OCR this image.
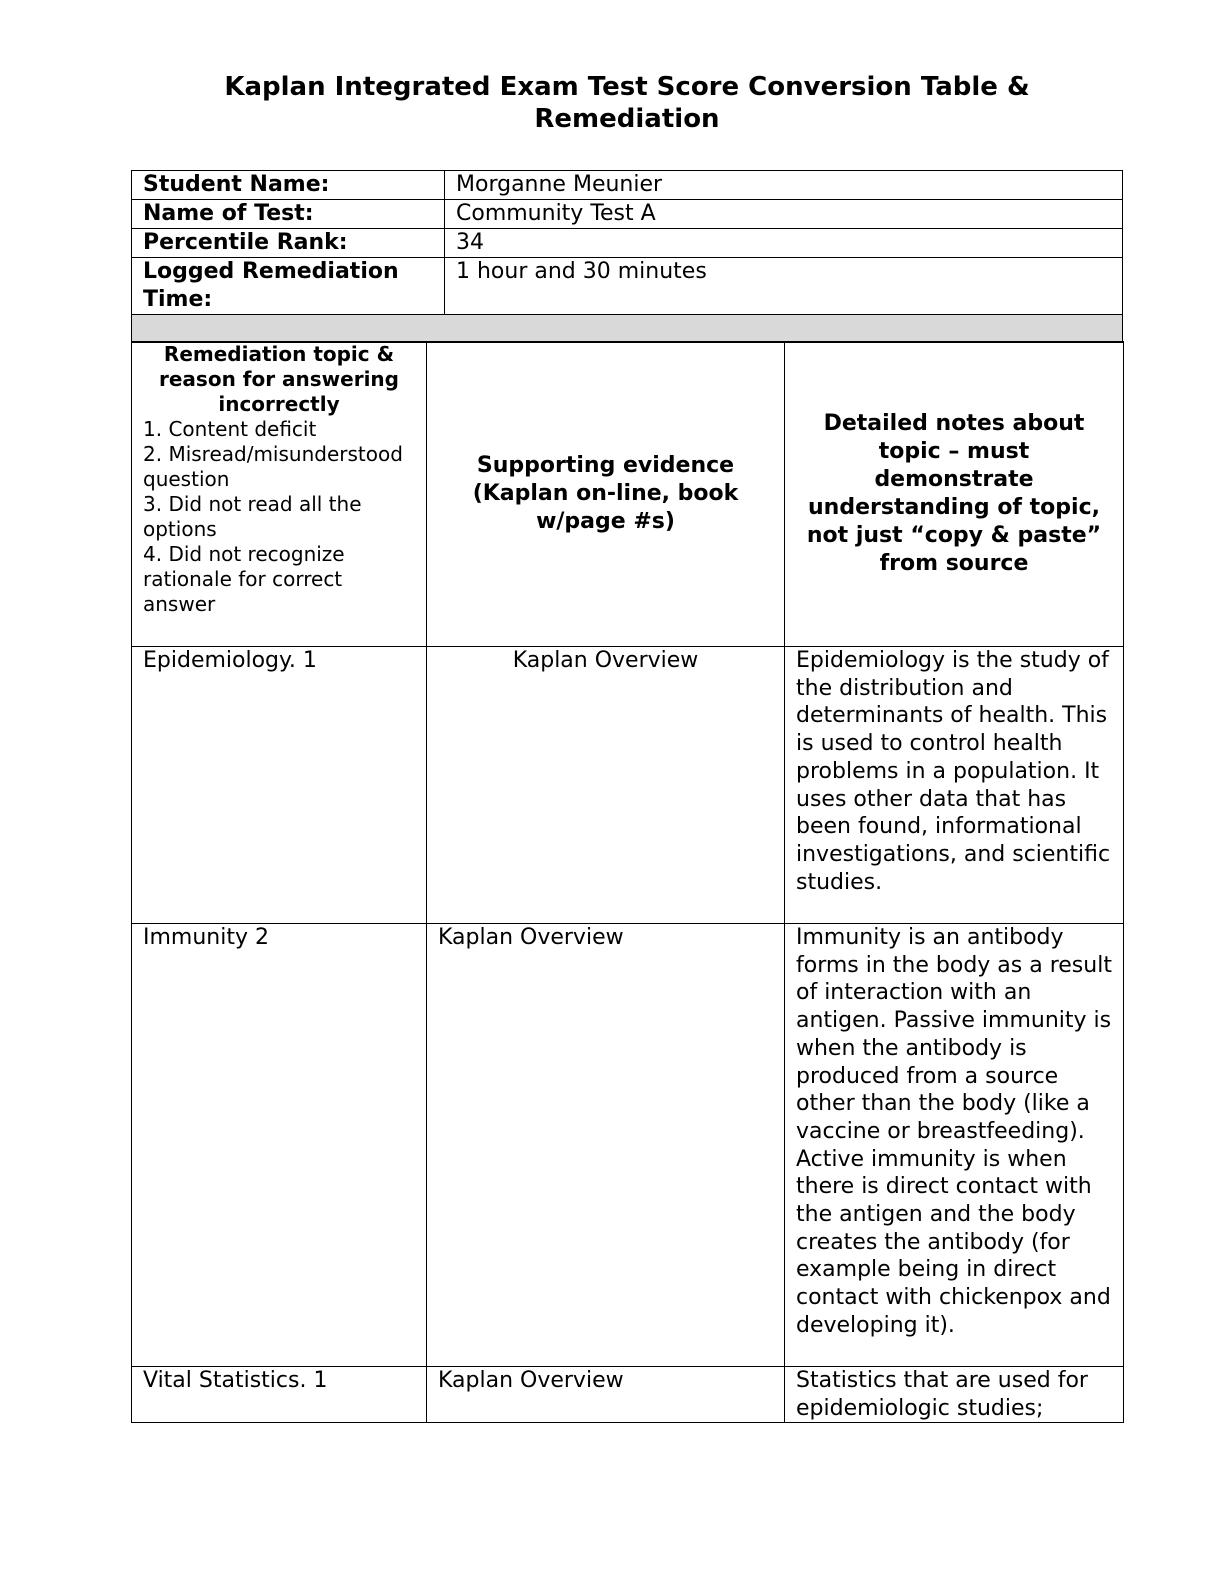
Kaplan Integrated Exam Test Score Conversion Table & Remediation
Student Name:	Morganne Meunier
Name of Test:	Community Test A
Percentile Rank:	34
Logged Remediation Time:	1 hour and 30 minutes

Remediation topic & reason for answering incorrectly
1. Content deficit
2. Misread/misunderstood question
3. Did not read all the options
4. Did not recognize rationale for correct answer	Supporting evidence (Kaplan on-line, book w/page #s)	Detailed notes about topic – must demonstrate understanding of topic, not just “copy & paste” from source
Epidemiology. 1	Kaplan Overview	Epidemiology is the study of the distribution and determinants of health. This is used to control health problems in a population. It uses other data that has been found, informational investigations, and scientific studies.
Immunity 2	Kaplan Overview	Immunity is an antibody forms in the body as a result of interaction with an antigen. Passive immunity is when the antibody is produced from a source other than the body (like a vaccine or breastfeeding). Active immunity is when there is direct contact with the antigen and the body creates the antibody (for example being in direct contact with chickenpox and developing it).
Vital Statistics. 1	Kaplan Overview	Statistics that are used for epidemiologic studies;
